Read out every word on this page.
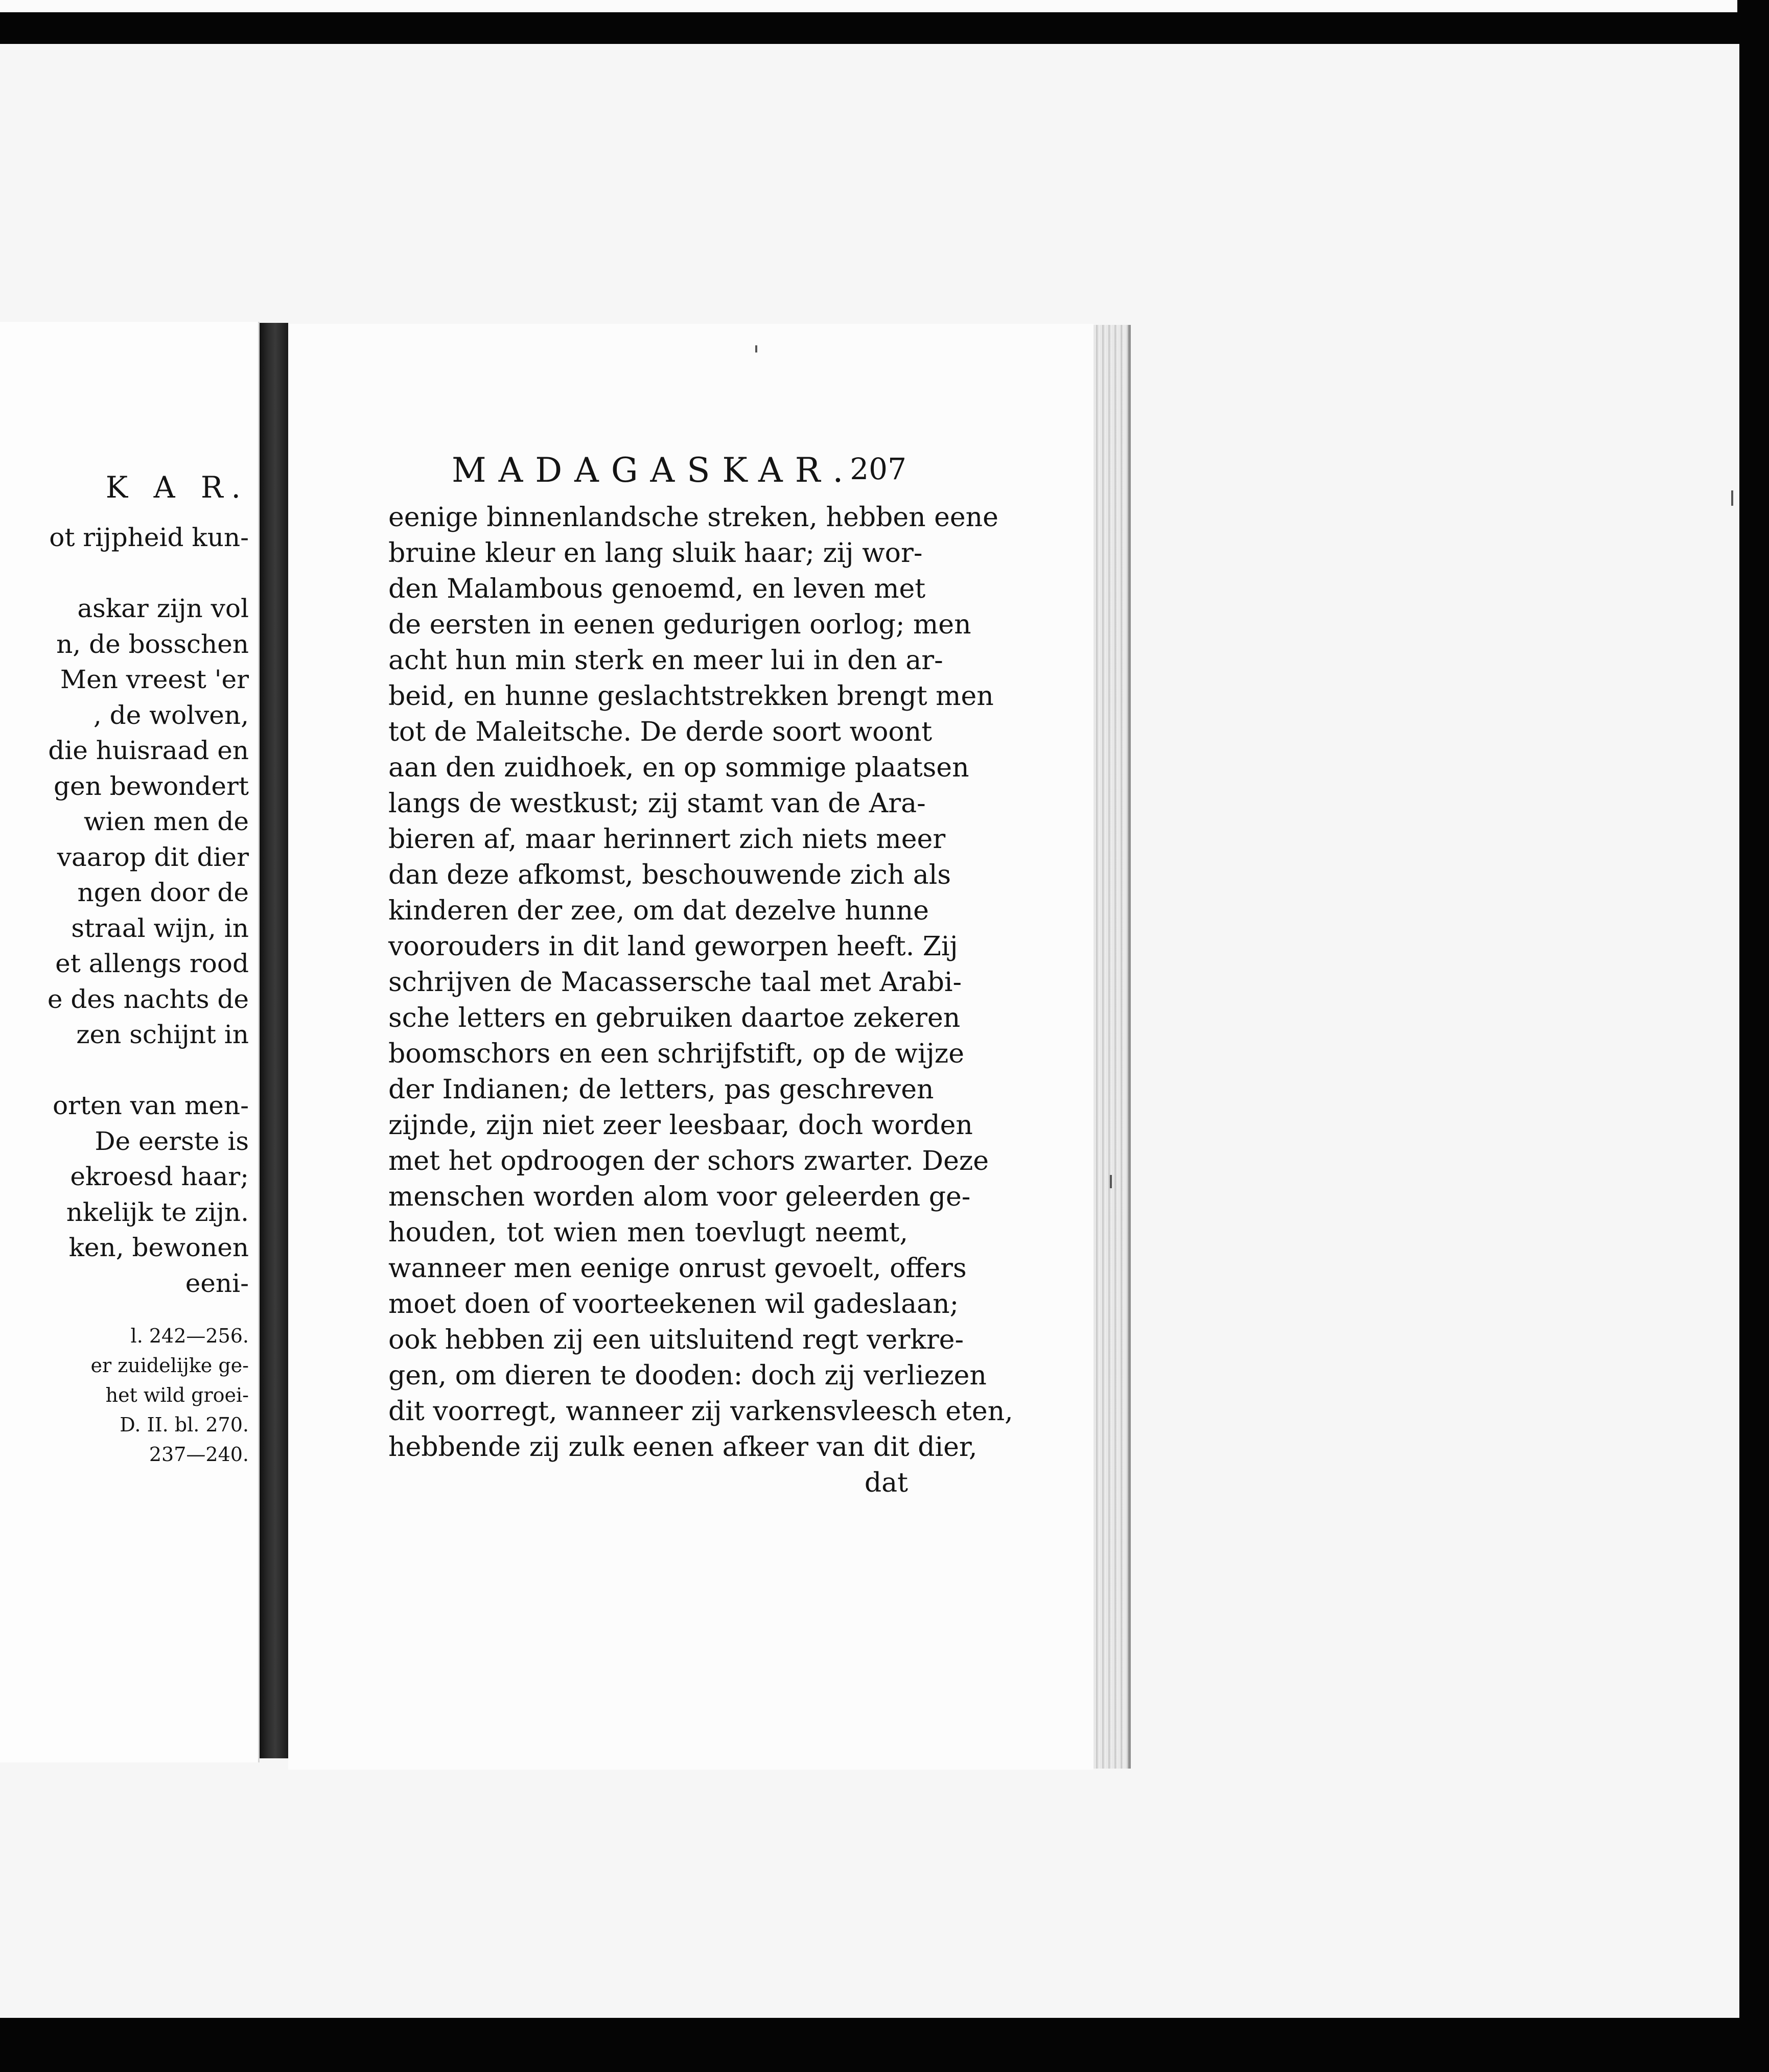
K A R.
ot rijpheid kun-
askar zijn vol
n, de bosschen
Men vreest 'er
, de wolven,
die huisraad en
gen bewondert
wien men de
vaarop dit dier
ngen door de
straal wijn, in
et allengs rood
e des nachts de
zen schijnt in
orten van men-
De eerste is
ekroesd haar;
nkelijk te zijn.
ken, bewonen
eeni-
l. 242—256.
er zuidelijke ge-
het wild groei-
D. II. bl. 270.
237—240.
MADAGASKAR.
207
eenige binnenlandsche streken, hebben eene
bruine kleur en lang sluik haar; zij wor-
den Malambous genoemd, en leven met
de eersten in eenen gedurigen oorlog; men
acht hun min sterk en meer lui in den ar-
beid, en hunne geslachtstrekken brengt men
tot de Maleitsche. De derde soort woont
aan den zuidhoek, en op sommige plaatsen
langs de westkust; zij stamt van de Ara-
bieren af, maar herinnert zich niets meer
dan deze afkomst, beschouwende zich als
kinderen der zee, om dat dezelve hunne
voorouders in dit land geworpen heeft. Zij
schrijven de Macassersche taal met Arabi-
sche letters en gebruiken daartoe zekeren
boomschors en een schrijfstift, op de wijze
der Indianen; de letters, pas geschreven
zijnde, zijn niet zeer leesbaar, doch worden
met het opdroogen der schors zwarter. Deze
menschen worden alom voor geleerden ge-
houden, tot wien men toevlugt neemt,
wanneer men eenige onrust gevoelt, offers
moet doen of voorteekenen wil gadeslaan;
ook hebben zij een uitsluitend regt verkre-
gen, om dieren te dooden: doch zij verliezen
dit voorregt, wanneer zij varkensvleesch eten,
hebbende zij zulk eenen afkeer van dit dier,
dat
